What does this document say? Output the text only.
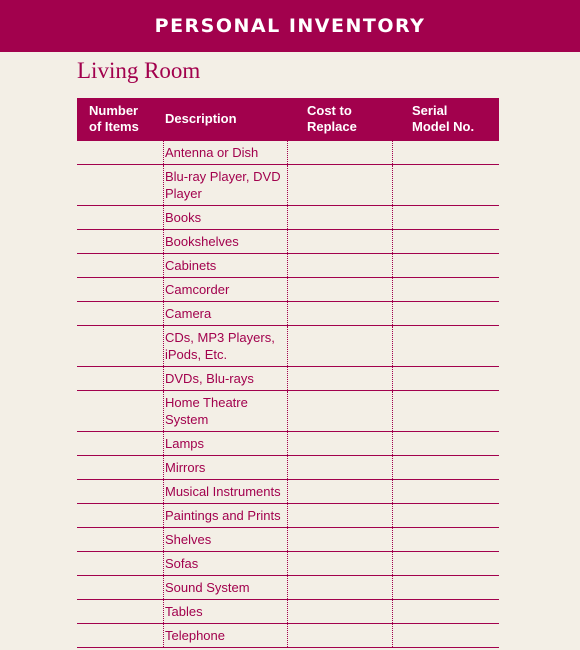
PERSONAL INVENTORY
Living Room
Number
of Items
Description
Cost to
Replace
Serial
Model No.
Antenna or Dish
Blu-ray Player, DVD
Player
Books
Bookshelves
Cabinets
Camcorder
Camera
CDs, MP3 Players,
iPods, Etc.
DVDs, Blu-rays
Home Theatre System
Lamps
Mirrors
Musical Instruments
Paintings and Prints
Shelves
Sofas
Sound System
Tables
Telephone
